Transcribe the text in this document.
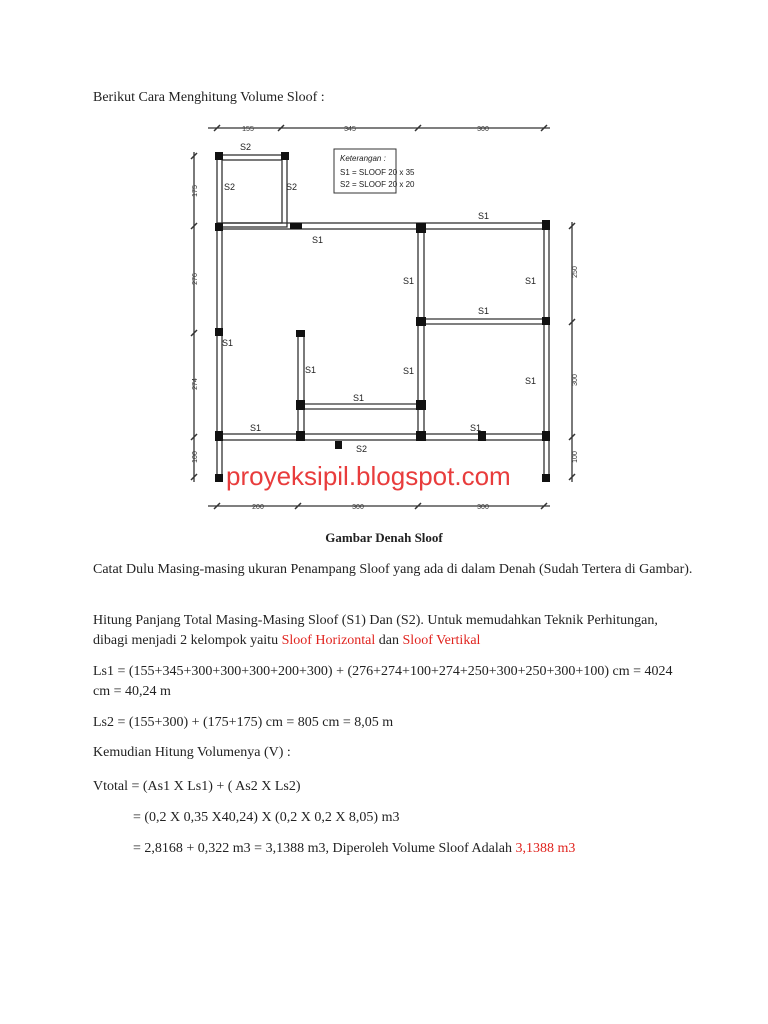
Berikut Cara Menghitung Volume Sloof :

155	345	300
200	300	300
175
276
274
100
250
300
100
Keterangan :
S1 = SLOOF 20 x 35
S2 = SLOOF 20 x 20
S2
S2	S2
S1
S1
S1	S1
S1
S1
S1	S1
S1
S1
S1	S1
S2
proyeksipil.blogspot.com
Gambar Denah Sloof

Catat Dulu Masing-masing ukuran Penampang Sloof yang ada di dalam Denah (Sudah Tertera di Gambar).

Hitung Panjang Total Masing-Masing Sloof (S1) Dan (S2). Untuk memudahkan Teknik Perhitungan, dibagi menjadi 2 kelompok yaitu Sloof Horizontal dan Sloof Vertikal

Ls1 = (155+345+300+300+300+200+300) + (276+274+100+274+250+300+250+300+100) cm = 4024 cm = 40,24 m

Ls2 = (155+300) + (175+175) cm = 805 cm = 8,05 m

Kemudian Hitung Volumenya (V) :

Vtotal = (As1 X Ls1) + ( As2 X Ls2)

= (0,2 X 0,35 X40,24) X (0,2 X 0,2 X 8,05) m3

= 2,8168 + 0,322 m3 = 3,1388 m3, Diperoleh Volume Sloof Adalah 3,1388 m3
